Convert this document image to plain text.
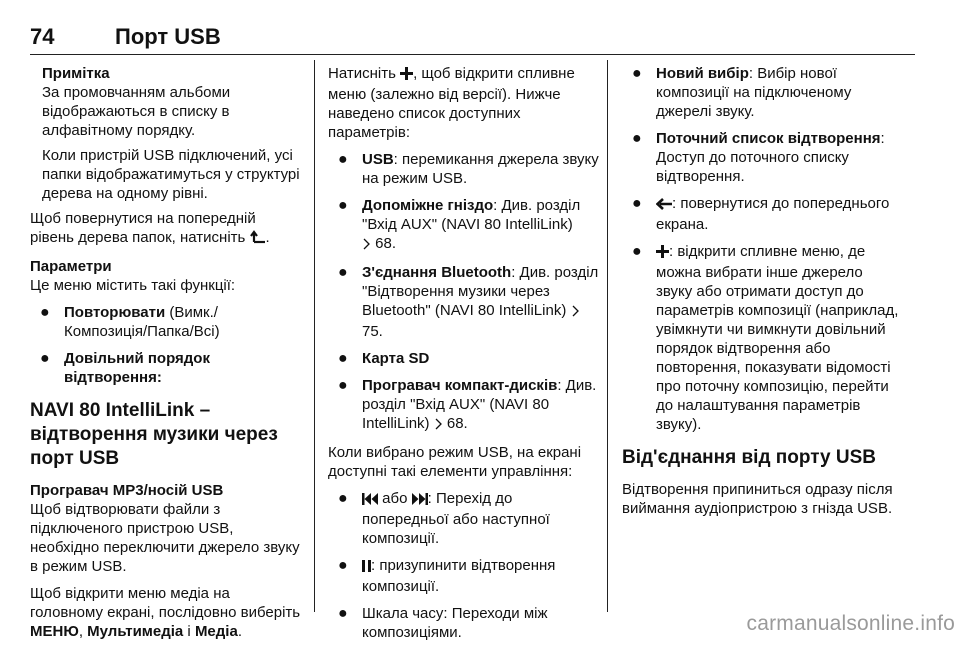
74	Порт USB
Примітка

За промовчанням альбоми відображаються в списку в алфавітному порядку.

Коли пристрій USB підключений, усі папки відображатимуться у структурі дерева на одному рівні.

Щоб повернутися на попередній рівень дерева папок, натисніть .

Параметри

Це меню містить такі функції:

● Повторювати (Вимк./ Композиція/Папка/Всі)
● Довільний порядок відтворення:
NAVI 80 IntelliLink – відтворення музики через порт USB
Програвач MP3/носій USB

Щоб відтворювати файли з підключеного пристрою USB, необхідно переключити джерело звуку в режим USB.

Щоб відкрити меню медіа на головному екрані, послідовно виберіть МЕНЮ, Мультимедіа і Медіа.

Натисніть , щоб відкрити спливне меню (залежно від версії). Нижче наведено список доступних параметрів:

● USB: перемикання джерела звуку на режим USB.
● Допоміжне гніздо: Див. розділ "Вхід AUX" (NAVI 80 IntelliLink)
68.
● З'єднання Bluetooth: Див. розділ "Відтворення музики через Bluetooth" (NAVI 80 IntelliLink)  75.
● Карта SD
● Програвач компакт-дисків: Див. розділ "Вхід AUX" (NAVI 80 IntelliLink) 68.

Коли вибрано режим USB, на екрані доступні такі елементи управління:

● або : Перехід до попередньої або наступної композиції.
● : призупинити відтворення композиції.
● Шкала часу: Переходи між композиціями.
● Новий вибір: Вибір нової композиції на підключеному джерелі звуку.
● Поточний список відтворення: Доступ до поточного списку відтворення.
● : повернутися до попереднього екрана.
● : відкрити спливне меню, де можна вибрати інше джерело звуку або отримати доступ до параметрів композиції (наприклад, увімкнути чи вимкнути довільний порядок відтворення або повторення, показувати відомості про поточну композицію, перейти до налаштування параметрів звуку).
Від'єднання від порту USB

Відтворення припиниться одразу після виймання аудіопристрою з гнізда USB.

carmanualsonline.info
